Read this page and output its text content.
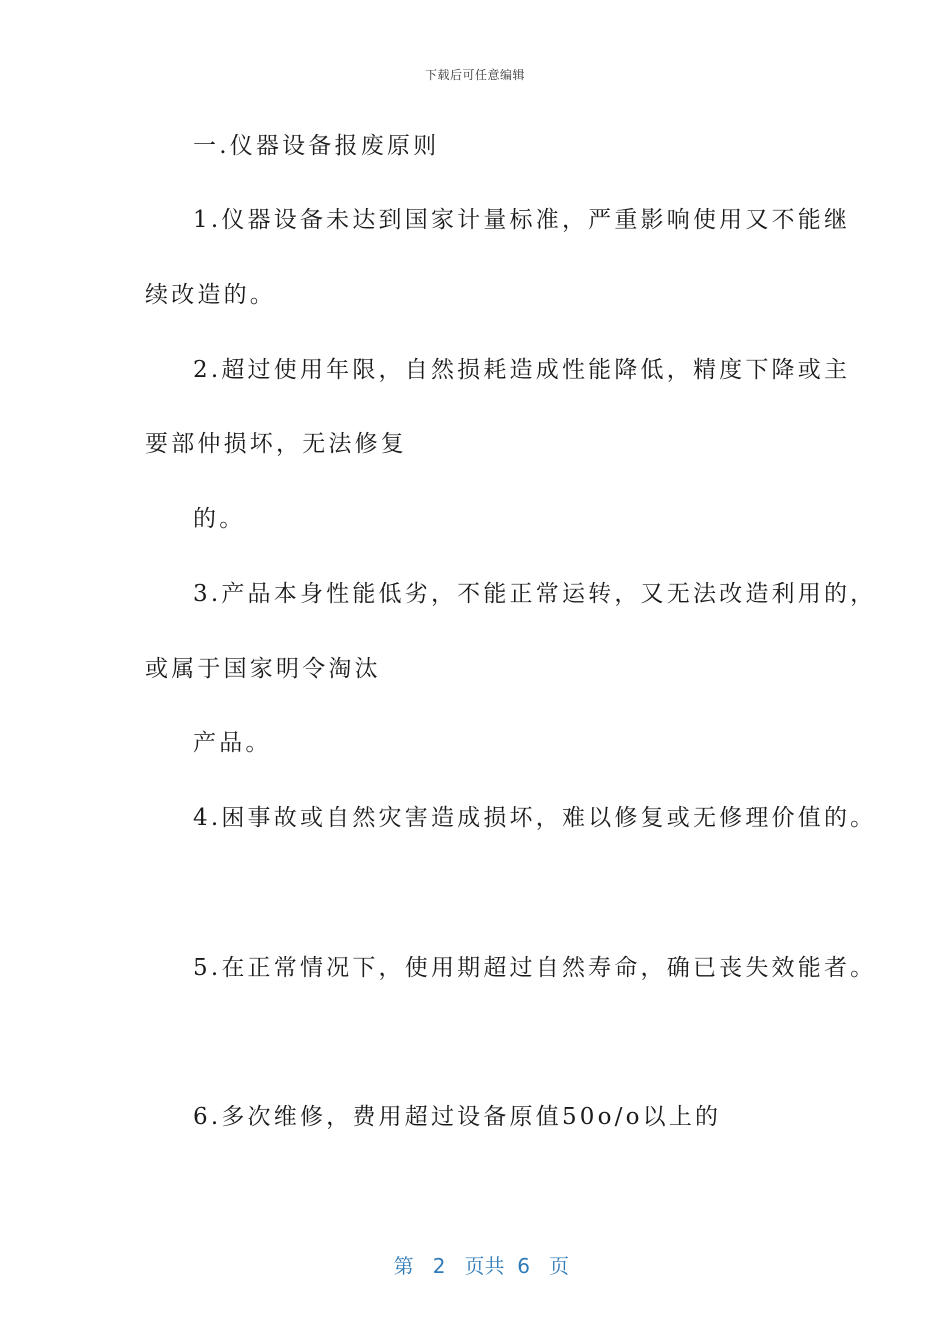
下载后可任意编辑
一.仪器设备报废原则
1.仪器设备未达到国家计量标准，严重影响使用又不能继
续改造的。
2.超过使用年限，自然损耗造成性能降低，精度下降或主
要部仲损坏，无法修复
的。
3.产品本身性能低劣，不能正常运转，又无法改造利用的，
或属于国家明令淘汰
产品。
4.困事故或自然灾害造成损坏，难以修复或无修理价值的。
5.在正常情况下，使用期超过自然寿命，确已丧失效能者。
6.多次维修，费用超过设备原值50o/o以上的

第 2 页共 6 页
